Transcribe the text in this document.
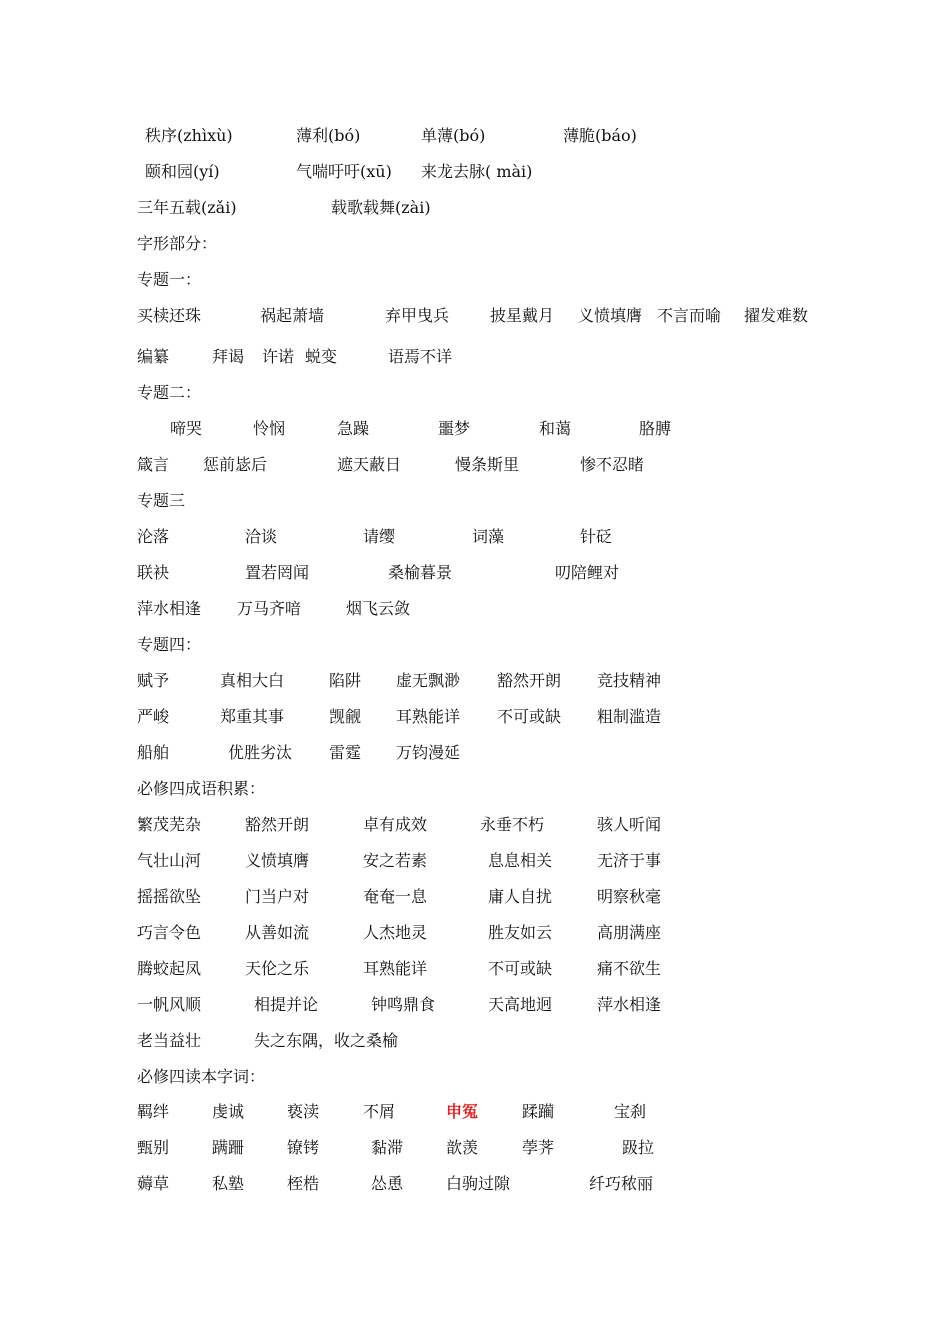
秩序(zhìxù)	薄利(bó)	单薄(bó)	薄脆(báo)
颐和园(yí)	气喘吁吁(xū) 来龙去脉( mài)
三年五载(zǎi)	载歌载舞(zài)
字形部分：
专题一：
买椟还珠	祸起萧墙	弃甲曳兵	披星戴月 义愤填膺 不言而喻 擢发难数
编纂	拜谒 许诺 蜕变	语焉不详
专题二：
啼哭	怜悯	急躁	噩梦	和蔼	胳膊
箴言 惩前毖后	遮天蔽日	慢条斯里	惨不忍睹
专题三
沦落	洽谈	请缨	词藻	针砭
联袂	置若罔闻	桑榆暮景	叨陪鲤对
萍水相逢 万马齐喑	烟飞云敛
专题四：
赋予	真相大白	陷阱 虚无飘渺 豁然开朗 竞技精神
严峻	郑重其事	觊觎 耳熟能详 不可或缺 粗制滥造
船舶	优胜劣汰 雷霆 万钧漫延
必修四成语积累：
繁茂芜杂	豁然开朗	卓有成效	永垂不朽	骇人听闻
气壮山河	义愤填膺	安之若素	息息相关	无济于事
摇摇欲坠	门当户对	奄奄一息	庸人自扰	明察秋毫
巧言令色	从善如流	人杰地灵	胜友如云	高朋满座
腾蛟起凤	天伦之乐	耳熟能详	不可或缺	痛不欲生
一帆风顺	相提并论	钟鸣鼎食	天高地迥	萍水相逢
老当益壮	失之东隅，收之桑榆
必修四读本字词：
羁绊	虔诚	亵渎	不屑	申冤	蹂躏	宝刹
甄别	蹒跚	镣铐	黏滞	歆羡	荸荠	趿拉
薅草	私塾	桎梏	怂恿	白驹过隙	纤巧秾丽
